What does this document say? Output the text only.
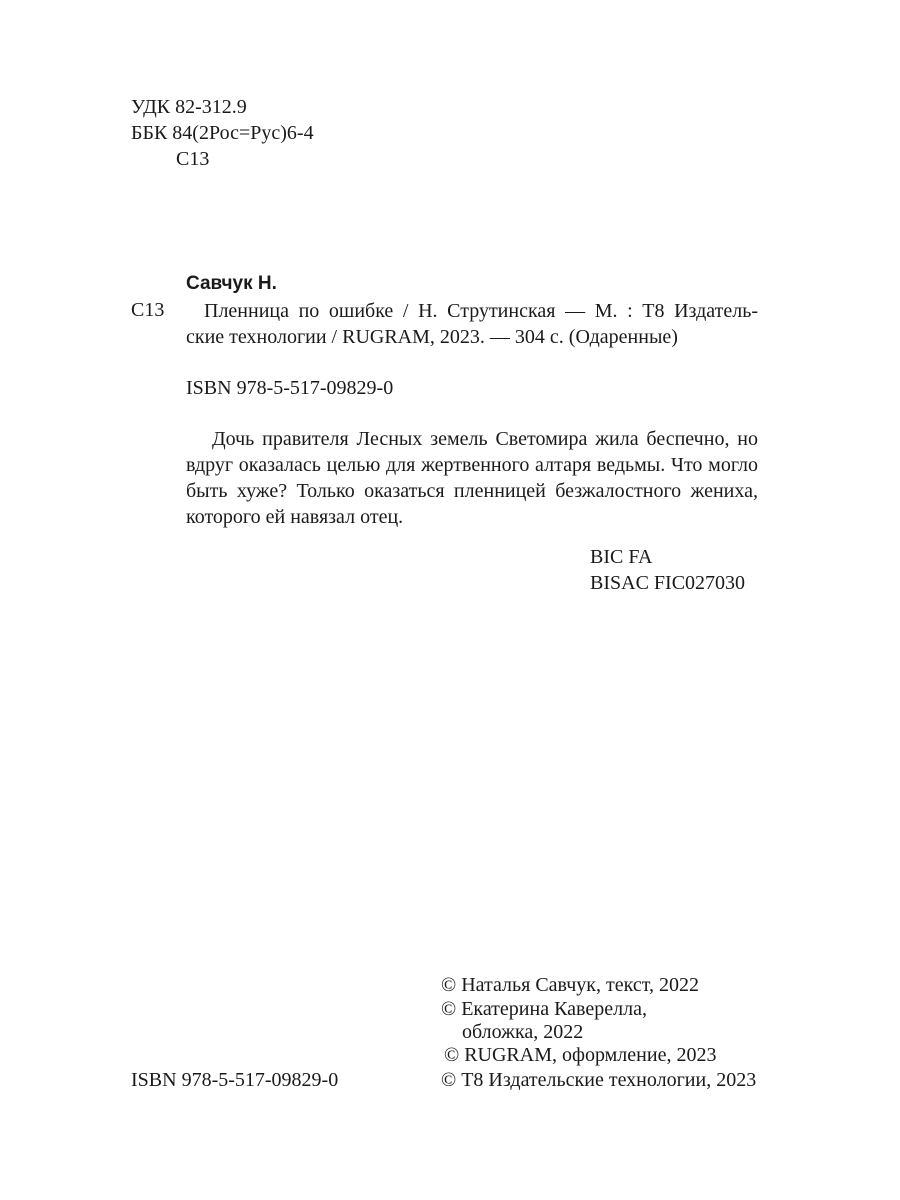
УДК 82-312.9
ББК 84(2Рос=Рус)6-4
С13
Савчук Н.
С13	Пленница по ошибке / Н. Струтинская — М. : Т8 Издатель-
ские технологии / RUGRAM, 2023. — 304 с. (Одаренные)
ISBN 978-5-517-09829-0
Дочь правителя Лесных земель Светомира жила беспечно, но
вдруг оказалась целью для жертвенного алтаря ведьмы. Что могло
быть хуже? Только оказаться пленницей безжалостного жениха,
которого ей навязал отец.
BIC FA
BISAC FIC027030
© Наталья Савчук, текст, 2022
© Екатерина Каверелла,
обложка, 2022
© RUGRAM, оформление, 2023
© Т8 Издательские технологии, 2023
ISBN 978-5-517-09829-0
